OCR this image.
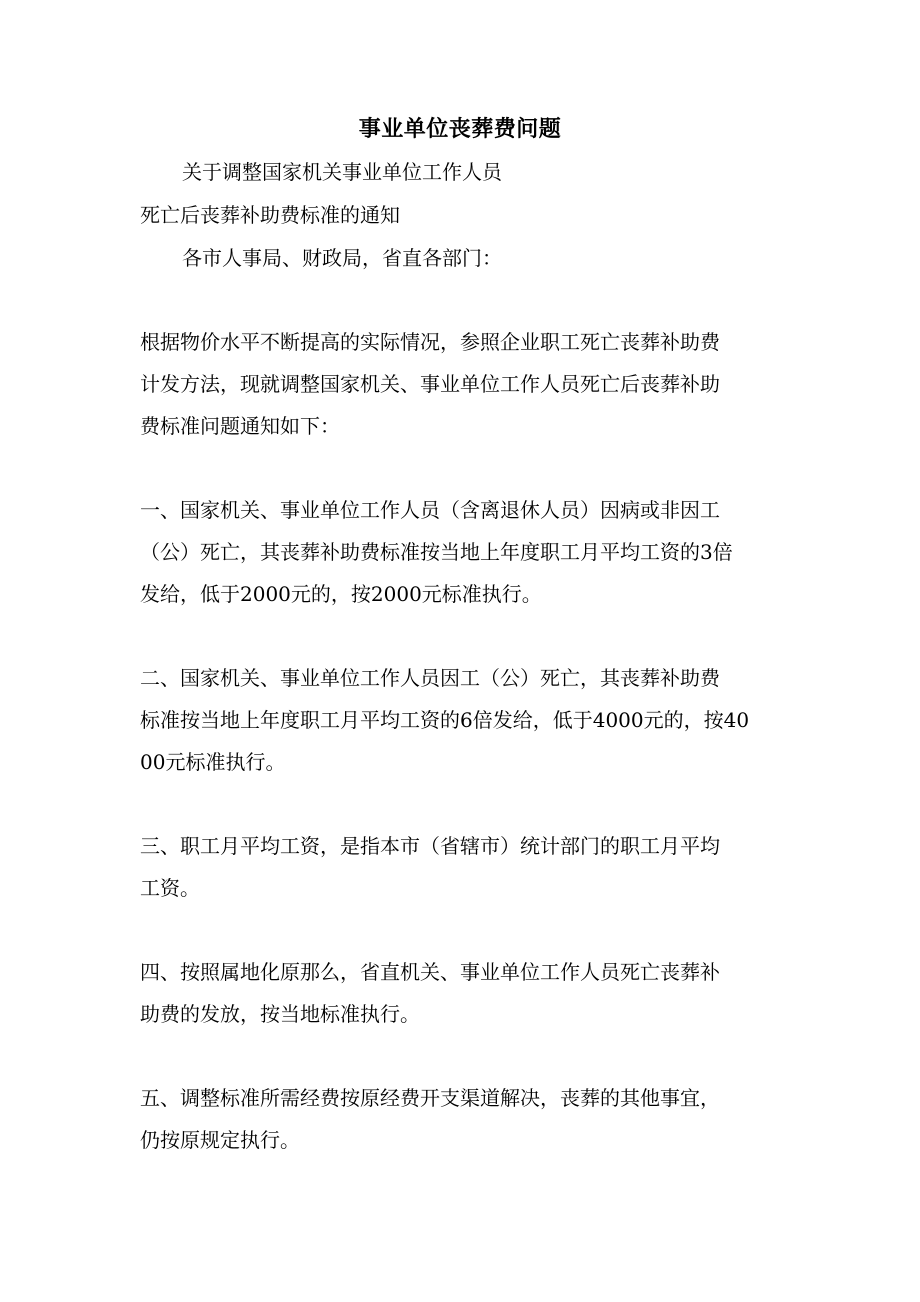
事业单位丧葬费问题
关于调整国家机关事业单位工作人员
死亡后丧葬补助费标准的通知
各市人事局、财政局，省直各部门：
根据物价水平不断提高的实际情况，参照企业职工死亡丧葬补助费
计发方法，现就调整国家机关、事业单位工作人员死亡后丧葬补助
费标准问题通知如下：
一、国家机关、事业单位工作人员（含离退休人员）因病或非因工
（公）死亡，其丧葬补助费标准按当地上年度职工月平均工资的3倍
发给，低于2000元的，按2000元标准执行。
二、国家机关、事业单位工作人员因工（公）死亡，其丧葬补助费
标准按当地上年度职工月平均工资的6倍发给，低于4000元的，按40
00元标准执行。
三、职工月平均工资，是指本市（省辖市）统计部门的职工月平均
工资。
四、按照属地化原那么，省直机关、事业单位工作人员死亡丧葬补
助费的发放，按当地标准执行。
五、调整标准所需经费按原经费开支渠道解决，丧葬的其他事宜，
仍按原规定执行。
